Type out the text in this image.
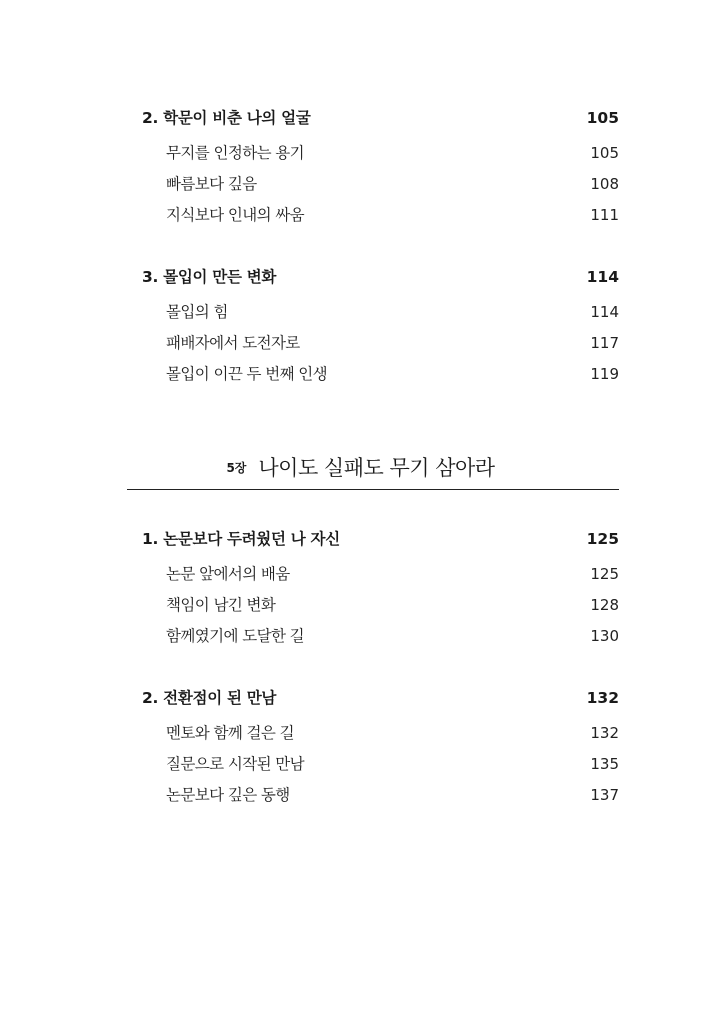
2. 학문이 비춘 나의 얼굴	105
무지를 인정하는 용기	105
빠름보다 깊음	108
지식보다 인내의 싸움	111
3. 몰입이 만든 변화	114
몰입의 힘	114
패배자에서 도전자로	117
몰입이 이끈 두 번째 인생	119
5장 나이도 실패도 무기 삼아라
1. 논문보다 두려웠던 나 자신	125
논문 앞에서의 배움	125
책임이 남긴 변화	128
함께였기에 도달한 길	130
2. 전환점이 된 만남	132
멘토와 함께 걸은 길	132
질문으로 시작된 만남	135
논문보다 깊은 동행	137
